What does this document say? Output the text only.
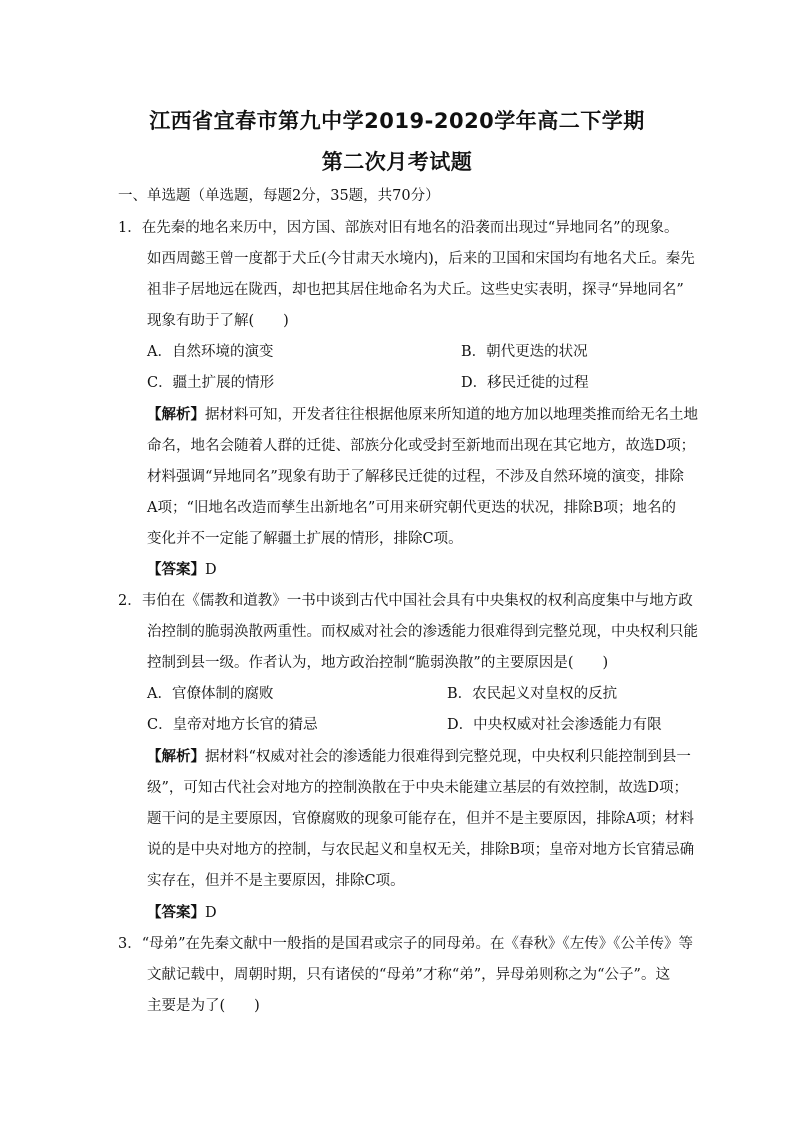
江西省宜春市第九中学2019-2020学年高二下学期
第二次月考试题
一、单选题（单选题，每题2分，35题，共70分）
1．在先秦的地名来历中，因方国、部族对旧有地名的沿袭而出现过“异地同名”的现象。
如西周懿王曾一度都于犬丘(今甘肃天水境内)，后来的卫国和宋国均有地名犬丘。秦先
祖非子居地远在陇西，却也把其居住地命名为犬丘。这些史实表明，探寻“异地同名”
现象有助于了解(　　)
A．自然环境的演变	B．朝代更迭的状况
C．疆土扩展的情形	D．移民迁徙的过程
【解析】据材料可知，开发者往往根据他原来所知道的地方加以地理类推而给无名土地
命名，地名会随着人群的迁徙、部族分化或受封至新地而出现在其它地方，故选D项；
材料强调“异地同名”现象有助于了解移民迁徙的过程，不涉及自然环境的演变，排除
A项；“旧地名改造而孳生出新地名”可用来研究朝代更迭的状况，排除B项；地名的
变化并不一定能了解疆土扩展的情形，排除C项。
【答案】D
2．韦伯在《儒教和道教》一书中谈到古代中国社会具有中央集权的权利高度集中与地方政
治控制的脆弱涣散两重性。而权威对社会的渗透能力很难得到完整兑现，中央权利只能
控制到县一级。作者认为，地方政治控制“脆弱涣散”的主要原因是(　　)
A．官僚体制的腐败	B．农民起义对皇权的反抗
C．皇帝对地方长官的猜忌	D．中央权威对社会渗透能力有限
【解析】据材料“权威对社会的渗透能力很难得到完整兑现，中央权利只能控制到县一
级”，可知古代社会对地方的控制涣散在于中央未能建立基层的有效控制，故选D项；
题干问的是主要原因，官僚腐败的现象可能存在，但并不是主要原因，排除A项；材料
说的是中央对地方的控制，与农民起义和皇权无关，排除B项；皇帝对地方长官猜忌确
实存在，但并不是主要原因，排除C项。
【答案】D
3．“母弟”在先秦文献中一般指的是国君或宗子的同母弟。在《春秋》《左传》《公羊传》等
文献记载中，周朝时期，只有诸侯的“母弟”才称“弟”，异母弟则称之为“公子”。这
主要是为了(　　)
